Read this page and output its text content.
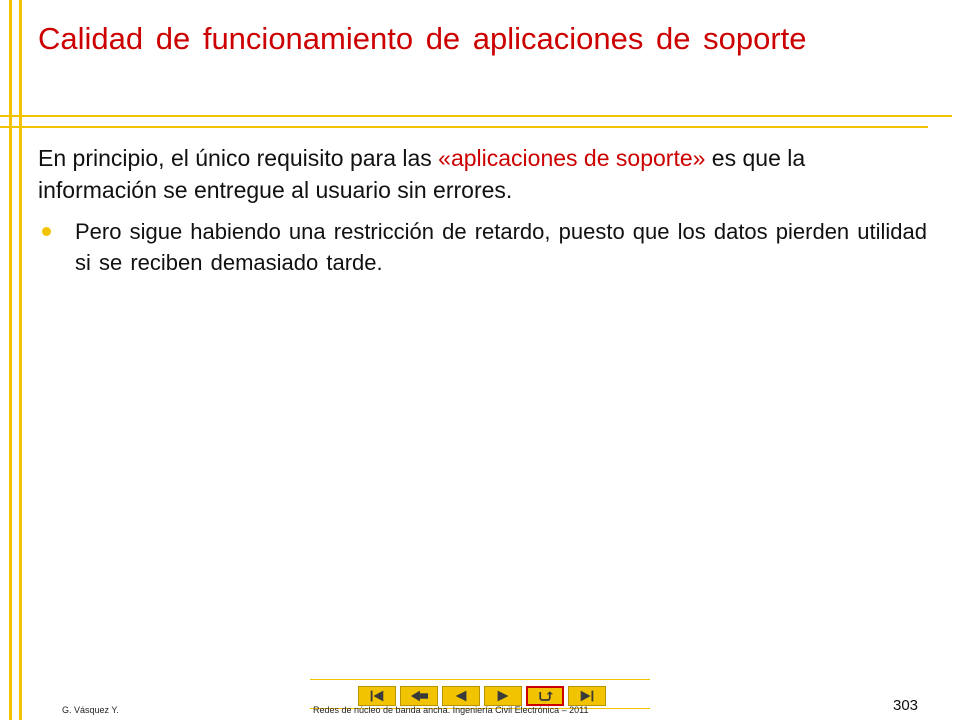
Calidad de funcionamiento de aplicaciones de soporte

En principio, el único requisito para las «aplicaciones de soporte» es que la información se entregue al usuario sin errores.

Pero sigue habiendo una restricción de retardo, puesto que los datos pierden utilidad si se reciben demasiado tarde.

G. Vásquez Y.	Redes de núcleo de banda ancha. Ingeniería Civil Electrónica – 2011	303
